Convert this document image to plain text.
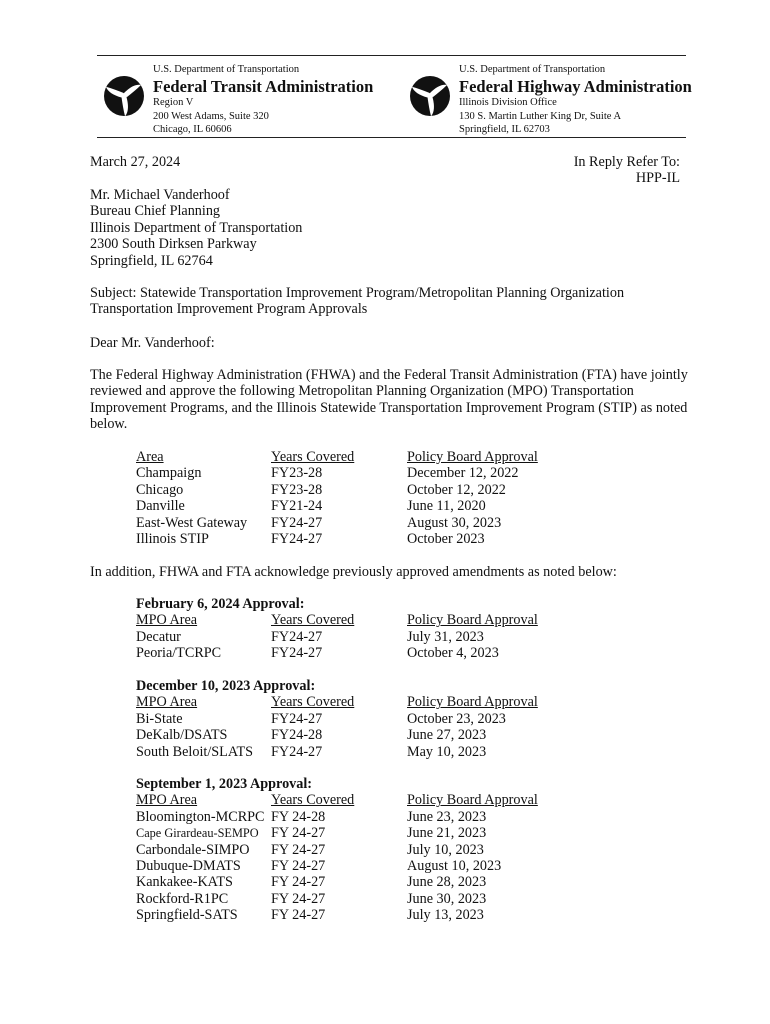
U.S. Department of Transportation
Federal Transit Administration
Region V
200 West Adams, Suite 320
Chicago, IL 60606
U.S. Department of Transportation
Federal Highway Administration
Illinois Division Office
130 S. Martin Luther King Dr, Suite A
Springfield, IL 62703
March 27, 2024	In Reply Refer To:
HPP-IL
Mr. Michael Vanderhoof
Bureau Chief Planning
Illinois Department of Transportation
2300 South Dirksen Parkway
Springfield, IL 62764
Subject: Statewide Transportation Improvement Program/Metropolitan Planning Organization
Transportation Improvement Program Approvals
Dear Mr. Vanderhoof:
The Federal Highway Administration (FHWA) and the Federal Transit Administration (FTA) have jointly
reviewed and approve the following Metropolitan Planning Organization (MPO) Transportation
Improvement Programs, and the Illinois Statewide Transportation Improvement Program (STIP) as noted
below.
Area	Years Covered	Policy Board Approval
Champaign	FY23-28	December 12, 2022
Chicago	FY23-28	October 12, 2022
Danville	FY21-24	June 11, 2020
East-West Gateway FY24-27	August 30, 2023
Illinois STIP	FY24-27	October 2023
In addition, FHWA and FTA acknowledge previously approved amendments as noted below:
February 6, 2024 Approval:
MPO Area	Years Covered	Policy Board Approval
Decatur	FY24-27	July 31, 2023
Peoria/TCRPC	FY24-27	October 4, 2023
December 10, 2023 Approval:
MPO Area	Years Covered	Policy Board Approval
Bi-State	FY24-27	October 23, 2023
DeKalb/DSATS	FY24-28	June 27, 2023
South Beloit/SLATS FY24-27	May 10, 2023
September 1, 2023 Approval:
MPO Area	Years Covered	Policy Board Approval
Bloomington-MCRPC FY 24-28	June 23, 2023
Cape Girardeau-SEMPO FY 24-27	June 21, 2023
Carbondale-SIMPO FY 24-27	July 10, 2023
Dubuque-DMATS FY 24-27	August 10, 2023
Kankakee-KATS	FY 24-27	June 28, 2023
Rockford-R1PC	FY 24-27	June 30, 2023
Springfield-SATS FY 24-27	July 13, 2023
